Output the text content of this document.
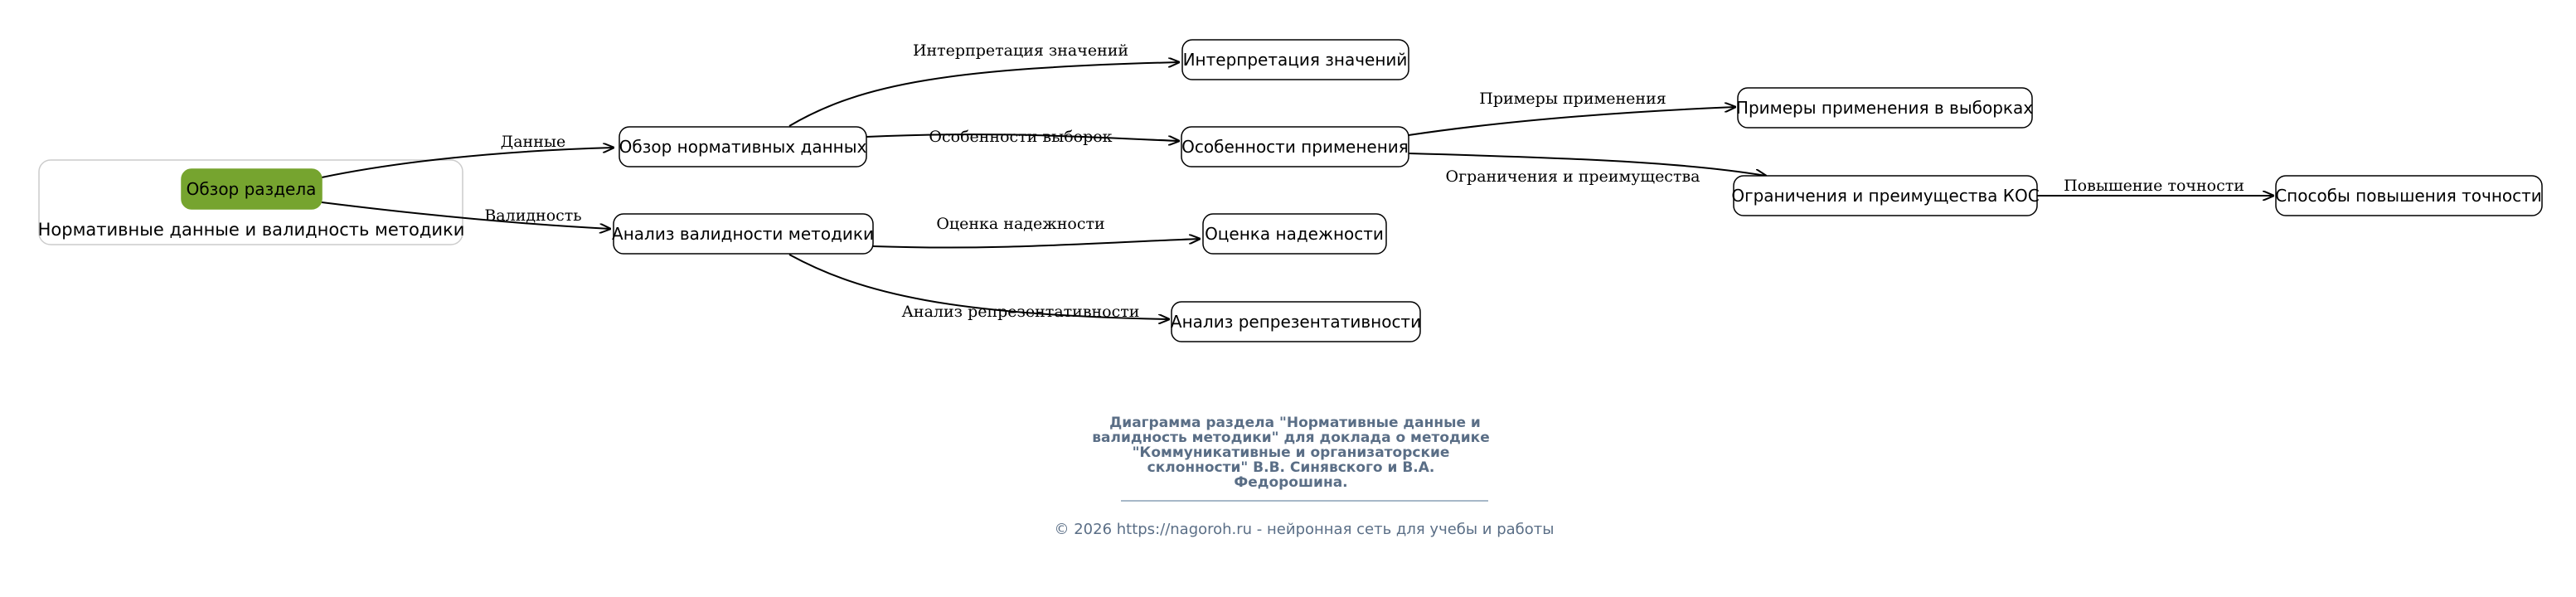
Нормативные данные и валидность методики
Данные
Валидность
Интерпретация значений
Особенности выборок
Оценка надежности
Анализ репрезентативности
Примеры применения
Ограничения и преимущества	Повышение точности
Обзор раздела
Обзор нормативных данных
Анализ валидности методики
Интерпретация значений
Особенности применения
Оценка надежности
Анализ репрезентативности
Примеры применения в выборках
Ограничения и преимущества КОС	Способы повышения точности
Диаграмма раздела "Нормативные данные и
валидность методики" для доклада о методике
"Коммуникативные и организаторские
склонности" В.В. Синявского и В.А.
Федорошина.
© 2026 https://nagoroh.ru - нейронная сеть для учебы и работы
